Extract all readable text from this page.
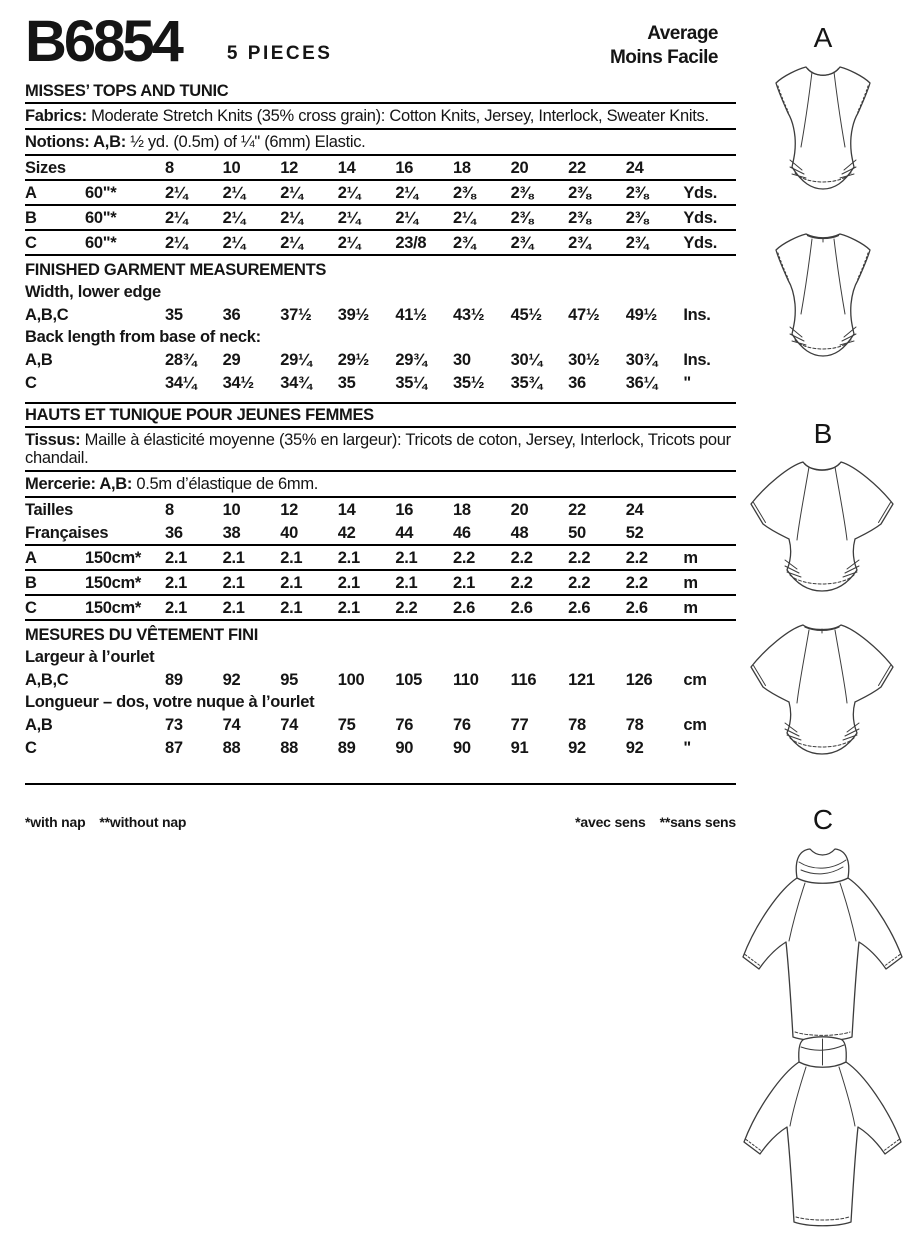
B6854 5 PIECES
Average
Moins Facile
MISSES’ TOPS AND TUNIC
Fabrics: Moderate Stretch Knits (35% cross grain): Cotton Knits, Jersey, Interlock, Sweater Knits.
Notions: A,B: ½ yd. (0.5m) of ¼" (6mm) Elastic.
Sizes	8	10	12	14	16	18	20	22	24
A	60"*	2¼	2¼	2¼	2¼	2¼	2⅜	2⅜	2⅜	2⅜	Yds.
B	60"*	2¼	2¼	2¼	2¼	2¼	2¼	2⅜	2⅜	2⅜	Yds.
C	60"*	2¼	2¼	2¼	2¼	23/8	2¾	2¾	2¾	2¾	Yds.
FINISHED GARMENT MEASUREMENTS
Width, lower edge
A,B,C	35	36	37½	39½	41½	43½	45½	47½	49½	Ins.
Back length from base of neck:
A,B	28¾	29	29¼	29½	29¾	30	30¼	30½	30¾	Ins.
C	34¼	34½	34¾	35	35¼	35½	35¾	36	36¼	"
HAUTS ET TUNIQUE POUR JEUNES FEMMES
Tissus: Maille à élasticité moyenne (35% en largeur): Tricots de coton, Jersey, Interlock, Tricots pour chandail.
Mercerie: A,B: 0.5m d’élastique de 6mm.
Tailles	8	10	12	14	16	18	20	22	24
Françaises	36	38	40	42	44	46	48	50	52
A	150cm*	2.1	2.1	2.1	2.1	2.1	2.2	2.2	2.2	2.2	m
B	150cm*	2.1	2.1	2.1	2.1	2.1	2.1	2.2	2.2	2.2	m
C	150cm*	2.1	2.1	2.1	2.1	2.2	2.6	2.6	2.6	2.6	m
MESURES DU VÊTEMENT FINI
Largeur à l’ourlet
A,B,C	89	92	95	100	105	110	116	121	126	cm
Longueur – dos, votre nuque à l’ourlet
A,B	73	74	74	75	76	76	77	78	78	cm
C	87	88	88	89	90	90	91	92	92	"
*with nap **without nap	*avec sens **sans sens
A
B
C
